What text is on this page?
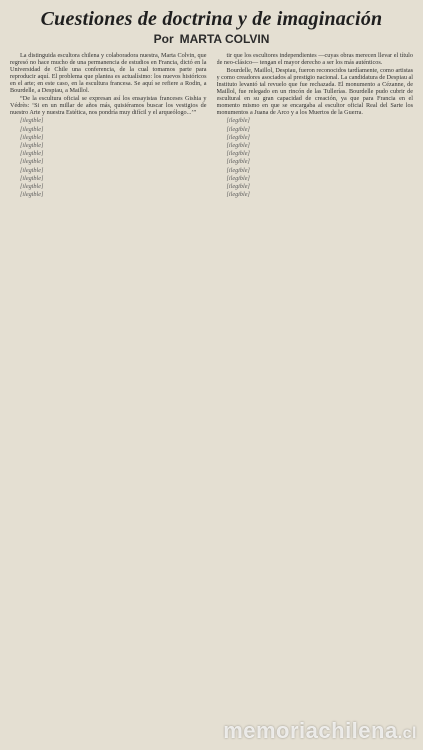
Cuestiones de doctrina y de imaginación
Por MARTA COLVIN

La distinguida escultora chilena y colaboradora nuestra, Marta Colvin, que regresó no hace mucho de una permanencia de estudios en Francia, dictó en la Universidad de Chile una conferencia, de la cual tomamos parte para reproducir aquí. El problema que plantea es actualísimo: los nuevos históricos en el arte; en este caso, en la escultura francesa. Se aquí se refiere a Rodin, a Bourdelle, a Despiau, a Maillol.

“De la escultura oficial se expresan así los ensayistas franceses Gishia y Védrès: ‘Si en un millar de años más, quisiéramos buscar los vestigios de nuestro Arte y nuestra Estética, nos pondría muy difícil y el arqueólogo...’”

[ilegible]

[ilegible]

[ilegible]

[ilegible]

[ilegible]

[ilegible]

[ilegible]

[ilegible]

[ilegible]

[ilegible]

tir que los escultores independientes —cuyas obras merecen llevar el título de neo-clásico— tengan el mayor derecho a ser los más auténticos.

Bourdelle, Maillol, Despiau, fueron reconocidos tardíamente, como artistas y como creadores asociados al prestigio nacional. La candidatura de Despiau al Instituto levantó tal revuelo que fue rechazada. El monumento a Cézanne, de Maillol, fue relegado en un rincón de las Tullerías. Bourdelle pudo cubrir de escultural en su gran capacidad de creación, ya que para Francia en el momento mismo en que se encargaba al escultor oficial Real del Sarte los monumentos a Juana de Arco y a los Muertos de la Guerra.

[ilegible]

[ilegible]

[ilegible]

[ilegible]

[ilegible]

[ilegible]

[ilegible]

[ilegible]

[ilegible]

[ilegible]

memoriachilena.cl
